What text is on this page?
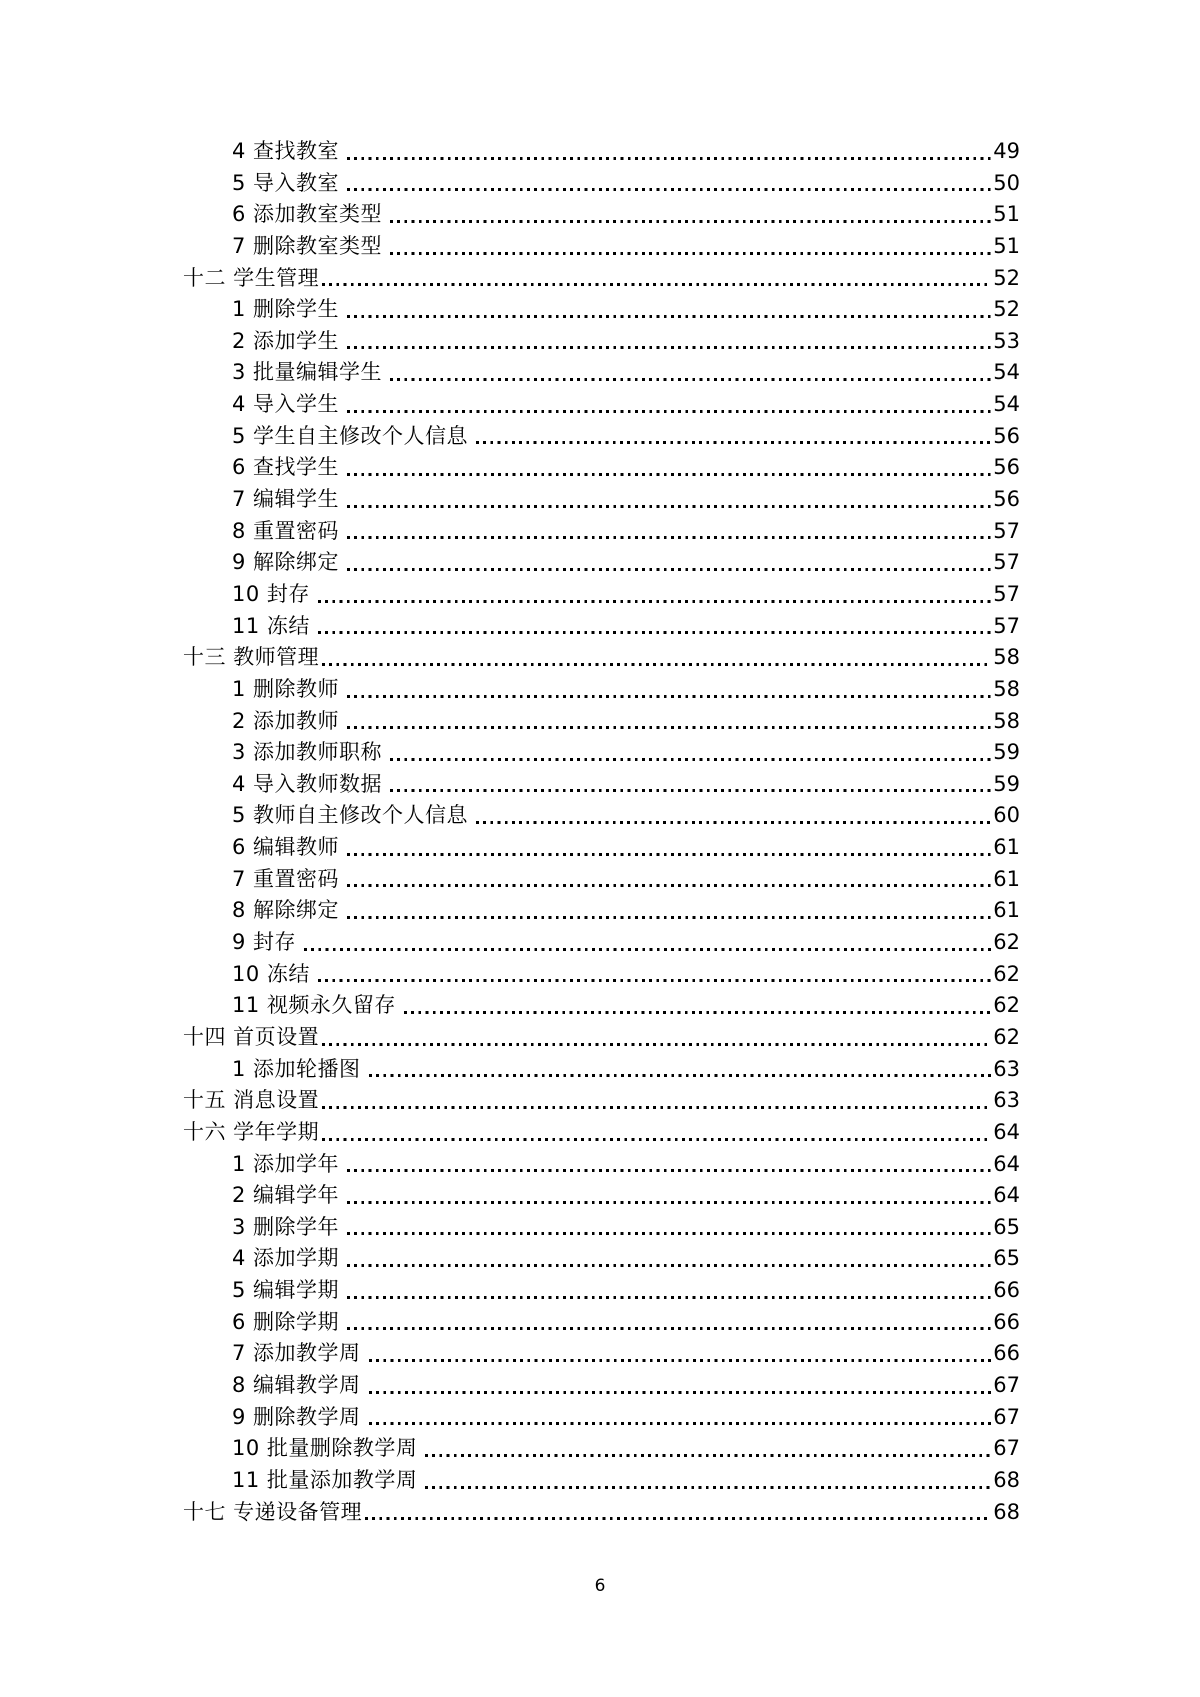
4 查找教室	49
5 导入教室	50
6 添加教室类型	51
7 删除教室类型	51
十二 学生管理	52
1 删除学生	52
2 添加学生	53
3 批量编辑学生	54
4 导入学生	54
5 学生自主修改个人信息	56
6 查找学生	56
7 编辑学生	56
8 重置密码	57
9 解除绑定	57
10 封存	57
11 冻结	57
十三 教师管理	58
1 删除教师	58
2 添加教师	58
3 添加教师职称	59
4 导入教师数据	59
5 教师自主修改个人信息	60
6 编辑教师	61
7 重置密码	61
8 解除绑定	61
9 封存	62
10 冻结	62
11 视频永久留存	62
十四 首页设置	62
1 添加轮播图	63
十五 消息设置	63
十六 学年学期	64
1 添加学年	64
2 编辑学年	64
3 删除学年	65
4 添加学期	65
5 编辑学期	66
6 删除学期	66
7 添加教学周	66
8 编辑教学周	67
9 删除教学周	67
10 批量删除教学周	67
11 批量添加教学周	68
十七 专递设备管理	68
6
